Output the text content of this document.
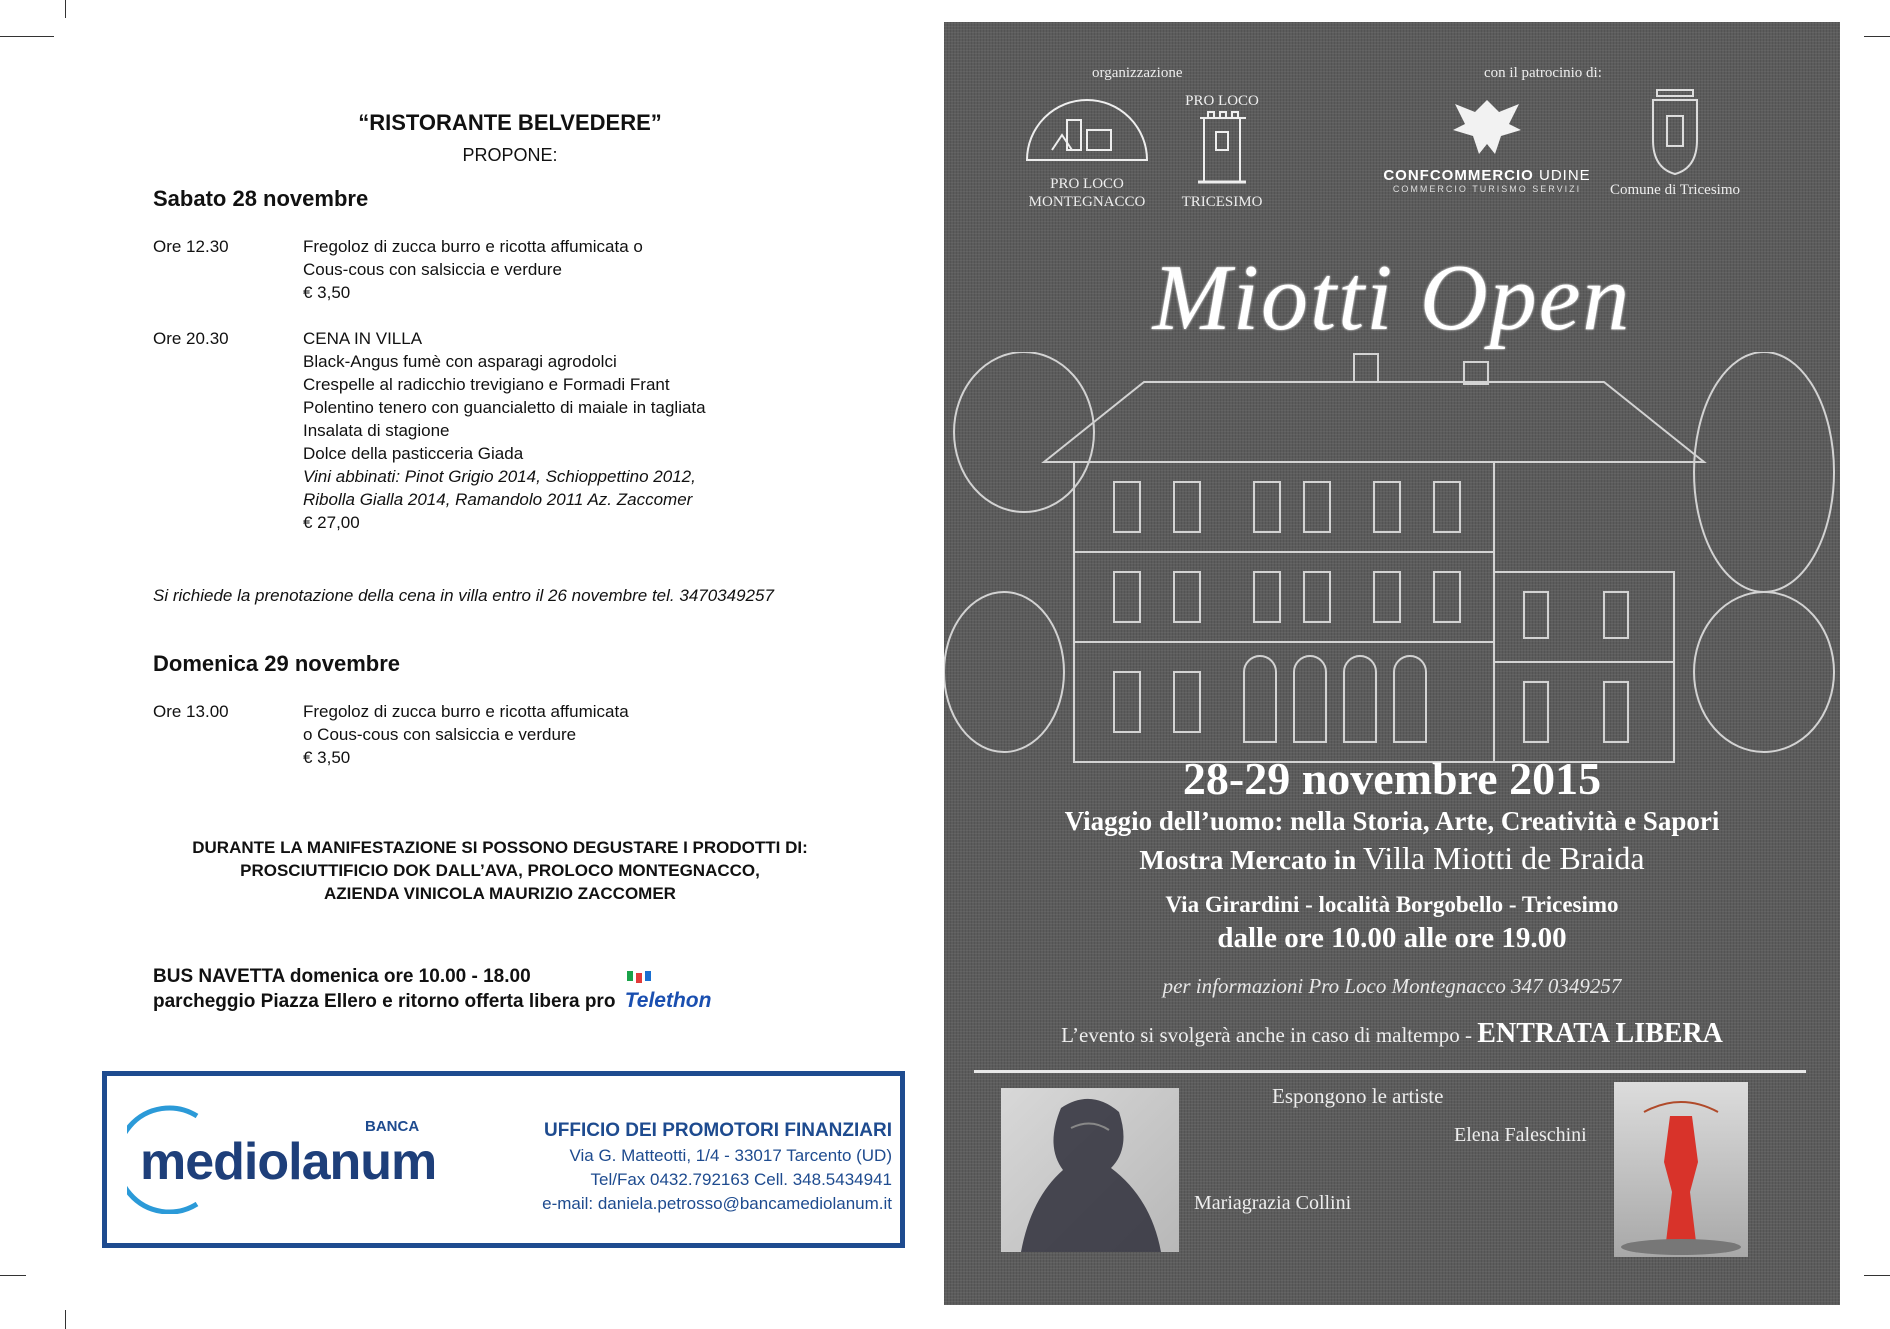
“RISTORANTE BELVEDERE”
PROPONE:
Sabato 28 novembre
Ore 12.30	Fregoloz di zucca burro e ricotta affumicata o
Cous-cous con salsiccia e verdure
€ 3,50
Ore 20.30	CENA IN VILLA
Black-Angus fumè con asparagi agrodolci
Crespelle al radicchio trevigiano e Formadi Frant
Polentino tenero con guancialetto di maiale in tagliata
Insalata di stagione
Dolce della pasticceria Giada
Vini abbinati: Pinot Grigio 2014, Schioppettino 2012,
Ribolla Gialla 2014, Ramandolo 2011 Az. Zaccomer
€ 27,00
Si richiede la prenotazione della cena in villa entro il 26 novembre tel. 3470349257
Domenica 29 novembre
Ore 13.00	Fregoloz di zucca burro e ricotta affumicata
o Cous-cous con salsiccia e verdure
€ 3,50
DURANTE LA MANIFESTAZIONE SI POSSONO DEGUSTARE I PRODOTTI DI:
PROSCIUTTIFICIO DOK DALL’AVA, PROLOCO MONTEGNACCO,
AZIENDA VINICOLA MAURIZIO ZACCOMER
BUS NAVETTA domenica ore 10.00 - 18.00
parcheggio Piazza Ellero e ritorno offerta libera pro Telethon
BANCA
mediolanum
UFFICIO DEI PROMOTORI FINANZIARI
Via G. Matteotti, 1/4 - 33017 Tarcento (UD)
Tel/Fax 0432.792163 Cell. 348.5434941
e-mail: daniela.petrosso@bancamediolanum.it
organizzazione
PRO LOCO
MONTEGNACCO
PRO LOCO
TRICESIMO
con il patrocinio di:
CONFCOMMERCIO UDINE
COMMERCIO TURISMO SERVIZI	Comune di Tricesimo
Miotti Open
28-29 novembre 2015
Viaggio dell’uomo: nella Storia, Arte, Creatività e Sapori
Mostra Mercato in Villa Miotti de Braida
Via Girardini - località Borgobello - Tricesimo
dalle ore 10.00 alle ore 19.00
per informazioni Pro Loco Montegnacco 347 0349257
L’evento si svolgerà anche in caso di maltempo - ENTRATA LIBERA
Espongono le artiste
Elena Faleschini
Mariagrazia Collini
